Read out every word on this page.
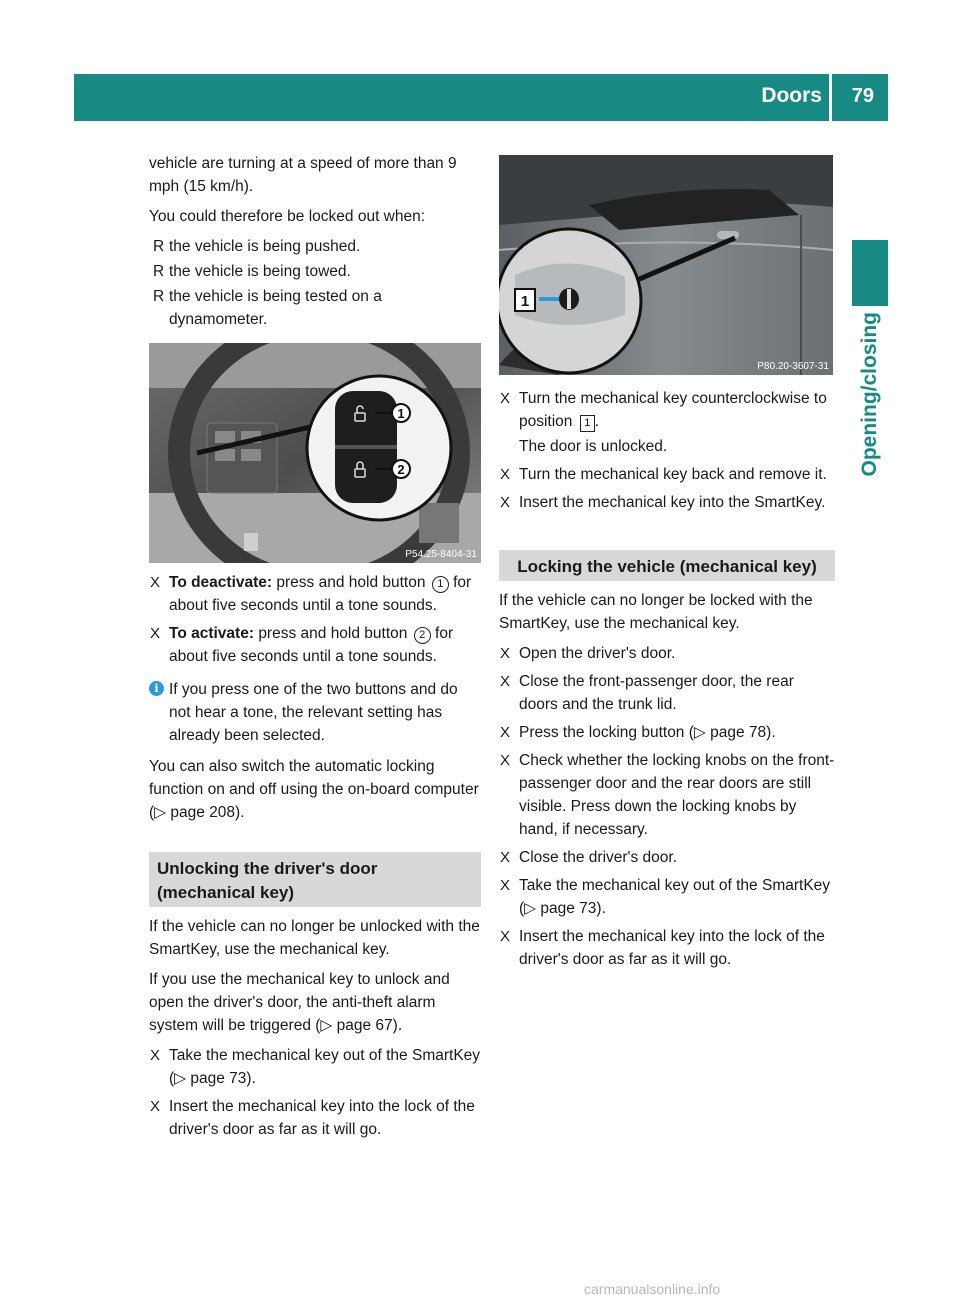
Doors 79
Opening/closing

vehicle are turning at a speed of more than 9 mph (15 km/h).

You could therefore be locked out when:

R the vehicle is being pushed.
R the vehicle is being towed.
R the vehicle is being tested on a dynamometer.
1
2
P54.25-8404-31
X To deactivate: press and hold button 1 for about five seconds until a tone sounds.
X To activate: press and hold button 2 for about five seconds until a tone sounds.
i If you press one of the two buttons and do not hear a tone, the relevant setting has already been selected.

You can also switch the automatic locking function on and off using the on-board computer (▷ page 208).

Unlocking the driver's door (mechanical key)

If the vehicle can no longer be unlocked with the SmartKey, use the mechanical key.

If you use the mechanical key to unlock and open the driver's door, the anti-theft alarm system will be triggered (▷ page 67).

X Take the mechanical key out of the SmartKey (▷ page 73).
X Insert the mechanical key into the lock of the driver's door as far as it will go.
1
P80.20-3607-31
X Turn the mechanical key counterclockwise to position 1 .

The door is unlocked.

X Turn the mechanical key back and remove it.
X Insert the mechanical key into the SmartKey.
Locking the vehicle (mechanical key)

If the vehicle can no longer be locked with the SmartKey, use the mechanical key.

X Open the driver's door.
X Close the front-passenger door, the rear doors and the trunk lid.
X Press the locking button (▷ page 78).
X Check whether the locking knobs on the front-passenger door and the rear doors are still visible. Press down the locking knobs by hand, if necessary.
X Close the driver's door.
X Take the mechanical key out of the SmartKey (▷ page 73).
X Insert the mechanical key into the lock of the driver's door as far as it will go.
carmanualsonline.info
